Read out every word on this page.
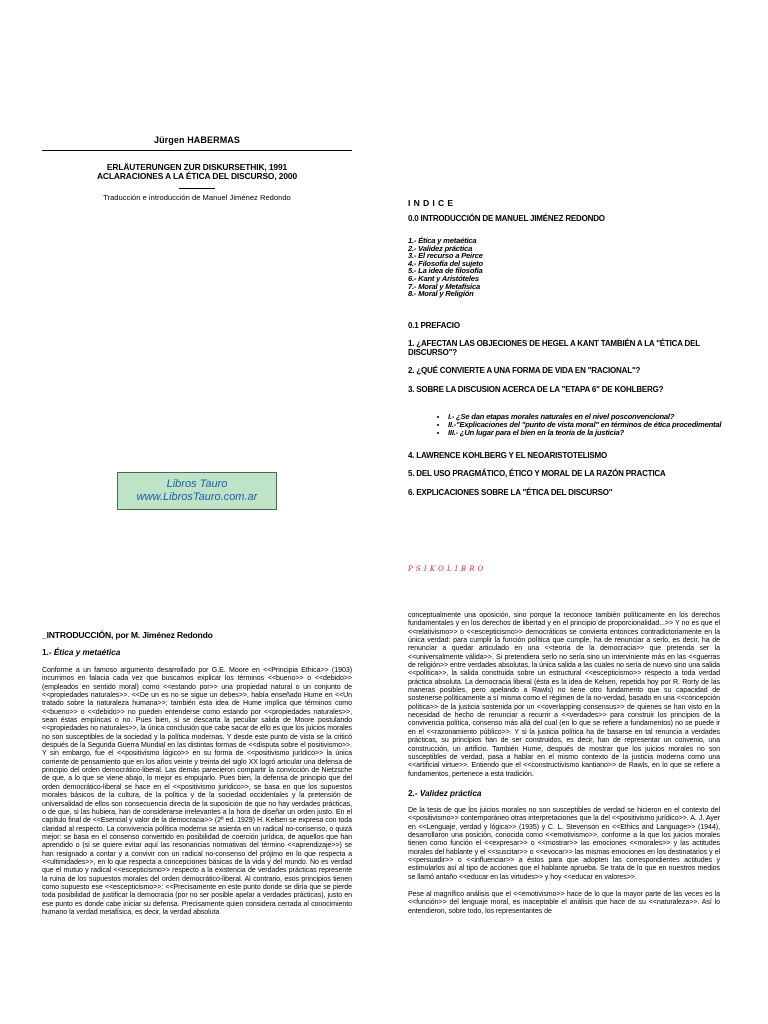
Jürgen HABERMAS
ERLÄUTERUNGEN ZUR DISKURSETHIK, 1991
ACLARACIONES A LA ÉTICA DEL DISCURSO, 2000
Traducción e introducción de Manuel Jiménez Redondo
Libros Tauro
www.LibrosTauro.com.ar
INDICE
0.0 INTRODUCCIÓN DE MANUEL JIMÉNEZ REDONDO
1.- Ética y metaética
2.- Validez práctica
3.- El recurso a Peirce
4.- Filosofía del sujeto
5.- La idea de filosofía
6.- Kant y Aristóteles
7.- Moral y Metafísica
8.- Moral y Religión
0.1 PREFACIO
1. ¿AFECTAN LAS OBJECIONES DE HEGEL A KANT TAMBIÉN A LA "ÉTICA DEL DISCURSO"?
2. ¿QUÉ CONVIERTE A UNA FORMA DE VIDA EN "RACIONAL"?
3. SOBRE LA DISCUSION ACERCA DE LA "ETAPA 6" DE KOHLBERG?
• I.- ¿Se dan etapas morales naturales en el nivel posconvencional?
• II.-"Explicaciones del "punto de vista moral" en términos de ética procedimental
• III.- ¿Un lugar para el bien en la teoría de la justicia?
4. LAWRENCE KOHLBERG Y EL NEOARISTOTELISMO
5. DEL USO PRAGMÁTICO, ÉTICO Y MORAL DE LA RAZÓN PRACTICA
6. EXPLICACIONES SOBRE LA "ÉTICA DEL DISCURSO"
PSIKOLIBRO
_INTRODUCCIÓN, por M. Jiménez Redondo
1.- Ética y metaética

Conforme a un famoso argumento desarrollado por G.E. Moore en <<Principia Ethica>> (1903) incurrimos en falacia cada vez que buscamos explicar los términos <<bueno>> o <<debido>> (empleados en sentido moral) como <<estando por>> una propiedad natural o un conjunto de <<propiedades naturales>>. <<De un es no se sigue un debes>>, había enseñado Hume en <<Un tratado sobre la naturaleza humana>>; también esta idea de Hume implica que términos como <<bueno>> o <<debido>> no pueden entenderse como estando por <<propiedades naturales>>, sean éstas empíricas o no. Pues bien, si se descarta la peculiar salida de Moore postulando <<propiedades no naturales>>, la única conclusión que cabe sacar de ello es que los juicios morales no son susceptibles de la sociedad y la política modernas. Y desde este punto de vista se la criticó después de la Segunda Guerra Mundial en las distintas formas de <<disputa sobre el positivismo>>. Y sin embargo, fue el <<positivismo lógico>> en su forma de <<positivismo jurídico>> la única corriente de pensamiento que en los años veinte y treinta del siglo XX logró articular una defensa de principio del orden democrático-liberal. Las demás parecieron compartir la convicción de Nietzsche de que, a lo que se viene abajo, lo mejor es empujarlo. Pues bien, la defensa de principio que del orden democrático-liberal se hace en el <<positivismo jurídico>>, se basa en que los supuestos morales básicos de la cultura, de la política y de la sociedad occidentales y la pretensión de universalidad de ellos son consecuencia directa de la suposición de que no hay verdades prácticas, o de que, si las hubiera, han de considerarse irrelevantes a la hora de diseñar un orden justo. En el capítulo final de <<Esencial y valor de la democracia>> (2ª ed. 1929) H. Kelsen se expresa con toda claridad al respecto. La convivencia política moderna se asienta en un radical no-consenso, o quizá mejor: se basa en el consenso convertido en posibilidad de coerción jurídica, de aquellos que han aprendido o (si se quiere evitar aquí las resonancias normativas del término <<aprendizaje>>) se han resignado a contar y a convivir con un radical no-consenso del prójimo en lo que respecta a <<ultimidades>>, en lo que respecta a concepciones básicas de la vida y del mundo. No es verdad que el mutuo y radical <<escepticismo>> respecto a la existencia de verdades prácticas represente la ruina de los supuestos morales del orden democrático-liberal. Al contrario, esos principios tienen como supuesto ese <<escepticismo>>: <<Precisamente en este punto donde se diría que se pierde toda posibilidad de justificar la democracia (por no ser posible apelar a verdades prácticas), justo en ese punto es donde cabe iniciar su defensa. Precisamente quien considera cerrada al conocimiento humano la verdad metafísica, es decir, la verdad absoluta

conceptualmente una oposición, sino porque la reconoce también políticamente en los derechos fundamentales y en los derechos de libertad y en el principio de proporcionalidad...>> Y no es que el <<relativismo>> o <<escepticismo>> democráticos se convierta entonces contradictoriamente en la única verdad: para cumplir la función política que cumple, ha de renunciar a serlo, es decir, ha de renunciar a quedar articulado en una <<teoría de la democracia>> que pretenda ser la <<universalmente válida>>. Si pretendiera serlo no sería sino un interviniente más en las <<guerras de religión>> entre verdades absolutas, la única salida a las cuales no sería de nuevo sino una salida <<política>>, la salida construida sobre un estructural <<escepticismo>> respecto a toda verdad práctica absoluta. La democracia liberal (ésta es la idea de Kelsen, repetida hoy por R. Rorty de las maneras posibles, pero apelando a Rawls) no tiene otro fundamento que su capacidad de sostenerse políticamente a sí misma como el régimen de la no-verdad, basado en una <<concepción política>> de la justicia sostenida por un <<overlapping consensus>> de quienes se han visto en la necesidad de hecho de renunciar a recurrir a <<verdades>> para construir los principios de la convivencia política, consenso más allá del cual (en lo que se refiere a fundamentos) no se puede ir en el <<razonamiento público>>. Y si la justicia política ha de basarse en tal renuncia a verdades prácticas, su principios han de ser construidos, es decir, han de representar un convenio, una construcción, un artificio. También Hume, después de mostrar que los juicios morales no son susceptibles de verdad, pasa a hablar en el mismo contexto de la justicia moderna como una <<artificial virtue>>. Entiendo que el <<constructivismo kantiano>> de Rawls, en lo que se refiere a fundamentos, pertenece a esta tradición.

2.- Validez práctica

De la tesis de que los juicios morales no son susceptibles de verdad se hicieron en el contexto del <<positivismo>> contemporáneo otras interpretaciones que la del <<positivismo jurídico>>. A. J. Ayer en <<Lenguaje, verdad y lógica>> (1935) y C. L. Stevenson en <<Ethics and Language>> (1944), desarrollaron una posición, conocida como <<emotivismo>>, conforme a la que los juicios morales tienen como función el <<expresar>> o <<mostrar>> las emociones <<morales>> y las actitudes morales del hablante y el <<suscitar>> o <<evocar>> las mismas emociones en los destinatarios y el <<persuadir>> o <<influenciar>> a éstos para que adopten las correspondientes actitudes y estimularlos así al tipo de acciones que el hablante aprueba. Se trata de lo que en nuestros medios se llamó antaño <<educar en las virtudes>> y hoy <<educar en valores>>.

Pese al magnífico análisis que el <<emotivismo>> hace de lo que la mayor parte de las veces es la <<función>> del lenguaje moral, es inaceptable el análisis que hace de su <<naturaleza>>. Así lo entendieron, sobre todo, los representantes de
